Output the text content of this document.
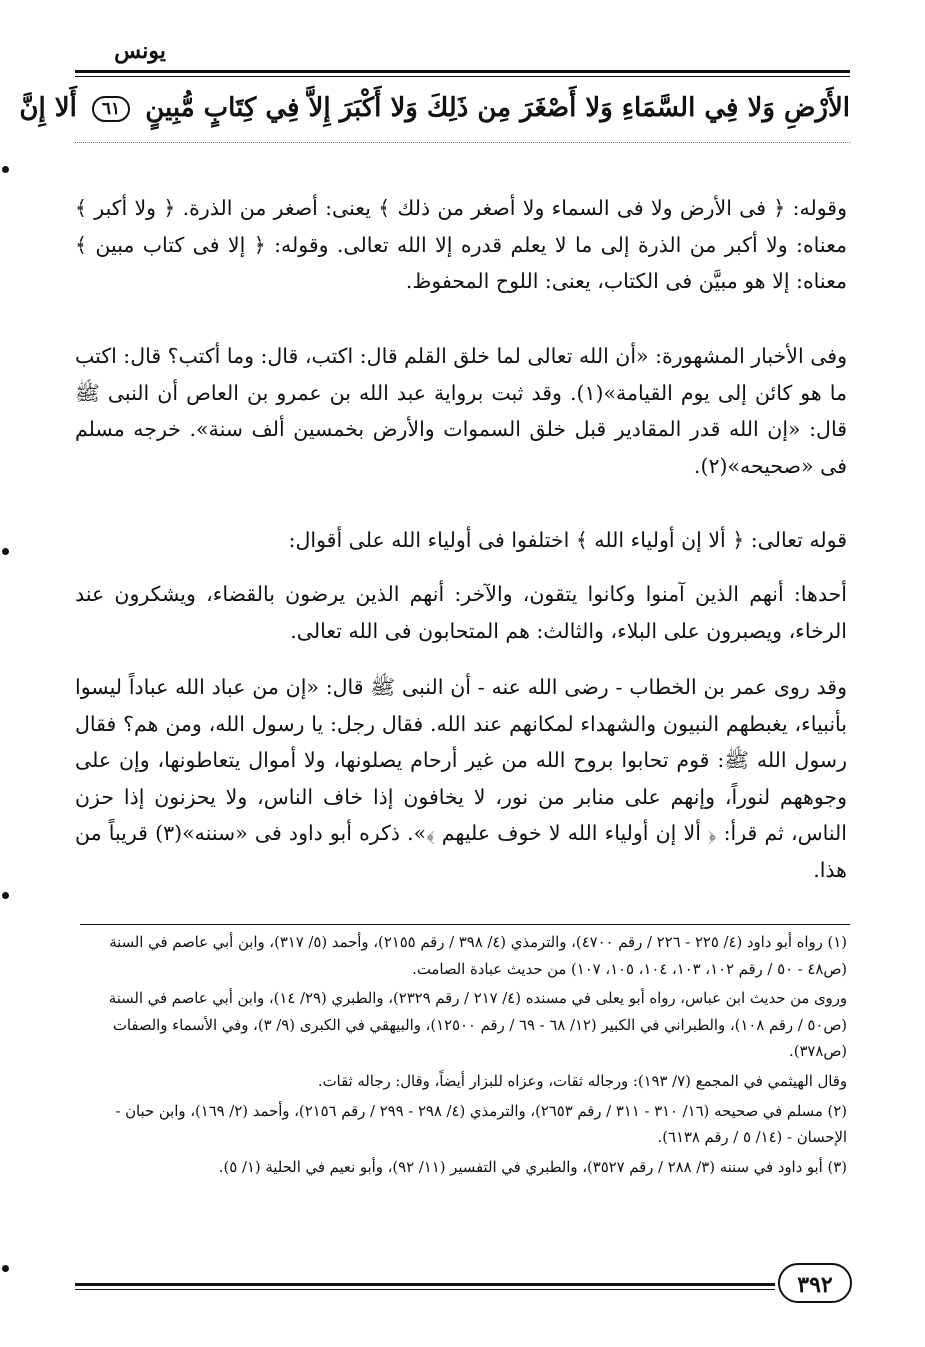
يونس
الأَرْضِ وَلا فِي السَّمَاءِ وَلا أَصْغَرَ مِن ذَلِكَ وَلا أَكْبَرَ إِلاَّ فِي كِتَابٍ مُّبِينٍ ٦١ أَلا إِنَّ

وقوله: ﴿ فى الأرض ولا فى السماء ولا أصغر من ذلك ﴾ يعنى: أصغر من الذرة. ﴿ ولا أكبر ﴾ معناه: ولا أكبر من الذرة إلى ما لا يعلم قدره إلا الله تعالى. وقوله: ﴿ إلا فى كتاب مبين ﴾ معناه: إلا هو مبيَّن فى الكتاب، يعنى: اللوح المحفوظ.

وفى الأخبار المشهورة: «أن الله تعالى لما خلق القلم قال: اكتب، قال: وما أكتب؟ قال: اكتب ما هو كائن إلى يوم القيامة»(١). وقد ثبت برواية عبد الله بن عمرو بن العاص أن النبى ﷺ قال: «إن الله قدر المقادير قبل خلق السموات والأرض بخمسين ألف سنة». خرجه مسلم فى «صحيحه»(٢).

قوله تعالى: ﴿ ألا إن أولياء الله ﴾ اختلفوا فى أولياء الله على أقوال:

أحدها: أنهم الذين آمنوا وكانوا يتقون، والآخر: أنهم الذين يرضون بالقضاء، ويشكرون عند الرخاء، ويصبرون على البلاء، والثالث: هم المتحابون فى الله تعالى.

وقد روى عمر بن الخطاب - رضى الله عنه - أن النبى ﷺ قال: «إن من عباد الله عباداً ليسوا بأنبياء، يغبطهم النبيون والشهداء لمكانهم عند الله. فقال رجل: يا رسول الله، ومن هم؟ فقال رسول الله ﷺ: قوم تحابوا بروح الله من غير أرحام يصلونها، ولا أموال يتعاطونها، وإن على وجوههم لنوراً، وإنهم على منابر من نور، لا يخافون إذا خاف الناس، ولا يحزنون إذا حزن الناس، ثم قرأ: ﴿ ألا إن أولياء الله لا خوف عليهم ﴾». ذكره أبو داود فى «سننه»(٣) قريباً من هذا.

(١) رواه أبو داود (٤/ ٢٢٥ - ٢٢٦ / رقم ٤٧٠٠)، والترمذي (٤/ ٣٩٨ / رقم ٢١٥٥)، وأحمد (٥/ ٣١٧)، وابن أبي عاصم في السنة (ص٤٨ - ٥٠ / رقم ١٠٢، ١٠٣، ١٠٤، ١٠٥، ١٠٧) من حديث عبادة الصامت.

وروى من حديث ابن عباس، رواه أبو يعلى في مسنده (٤/ ٢١٧ / رقم ٢٣٢٩)، والطبري (٢٩/ ١٤)، وابن أبي عاصم في السنة (ص٥٠ / رقم ١٠٨)، والطبراني في الكبير (١٢/ ٦٨ - ٦٩ / رقم ١٢٥٠٠)، والبيهقي في الكبرى (٩/ ٣)، وفي الأسماء والصفات (ص٣٧٨).

وقال الهيثمي في المجمع (٧/ ١٩٣): ورجاله ثقات، وعزاه للبزار أيضاً، وقال: رجاله ثقات.

(٢) مسلم في صحيحه (١٦/ ٣١٠ - ٣١١ / رقم ٢٦٥٣)، والترمذي (٤/ ٢٩٨ - ٢٩٩ / رقم ٢١٥٦)، وأحمد (٢/ ١٦٩)، وابن حبان - الإحسان - (١٤/ ٥ / رقم ٦١٣٨).

(٣) أبو داود في سننه (٣/ ٢٨٨ / رقم ٣٥٢٧)، والطبري في التفسير (١١/ ٩٢)، وأبو نعيم في الحلية (١/ ٥).

٣٩٢
